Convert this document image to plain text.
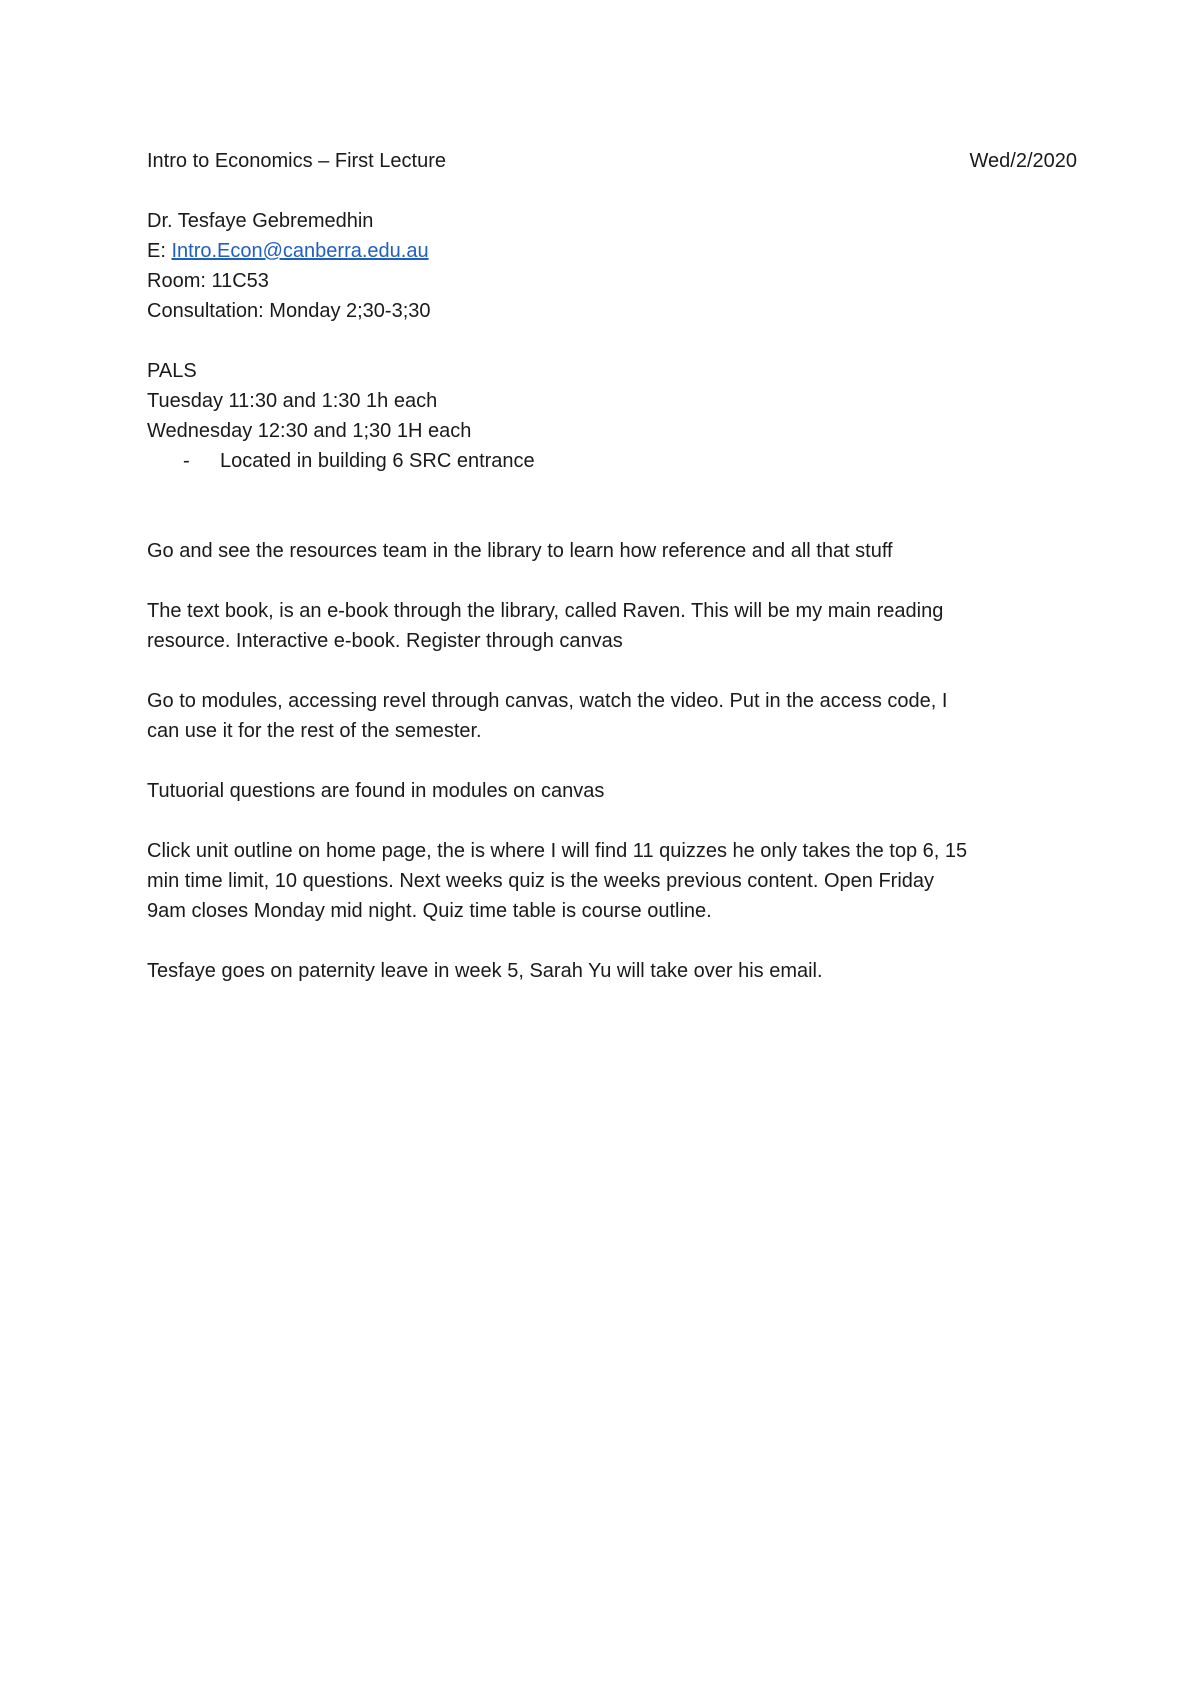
Intro to Economics – First Lecture	Wed/2/2020
Dr. Tesfaye Gebremedhin
E: Intro.Econ@canberra.edu.au
Room: 11C53
Consultation: Monday 2;30-3;30
PALS
Tuesday 11:30 and 1:30 1h each
Wednesday 12:30 and 1;30 1H each
-	Located in building 6 SRC entrance
Go and see the resources team in the library to learn how reference and all that stuff
The text book, is an e-book through the library, called Raven. This will be my main reading
resource. Interactive e-book. Register through canvas
Go to modules, accessing revel through canvas, watch the video. Put in the access code, I
can use it for the rest of the semester.
Tutuorial questions are found in modules on canvas
Click unit outline on home page, the is where I will find 11 quizzes he only takes the top 6, 15
min time limit, 10 questions. Next weeks quiz is the weeks previous content. Open Friday
9am closes Monday mid night. Quiz time table is course outline.
Tesfaye goes on paternity leave in week 5, Sarah Yu will take over his email.
